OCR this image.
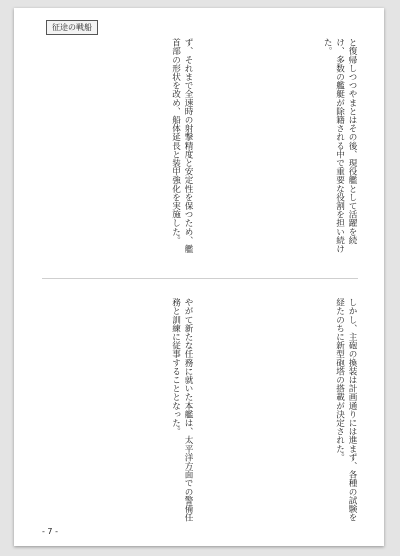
征途の戦船

と復帰しつつやまとはその後、現役艦として活躍を続け、多数の艦艇が除籍される中で重要な役割を担い続けた。

ず、それまで全速時の射撃精度と安定性を保つため、艦首部の形状を改め、船体延長と装甲強化を実施した。

しかし、主砲の換装は計画通りには進まず、各種の試験を経たのちに新型砲塔の搭載が決定された。

やがて新たな任務に就いた本艦は、太平洋方面での警備任務と訓練に従事することとなった。

- 7 -
